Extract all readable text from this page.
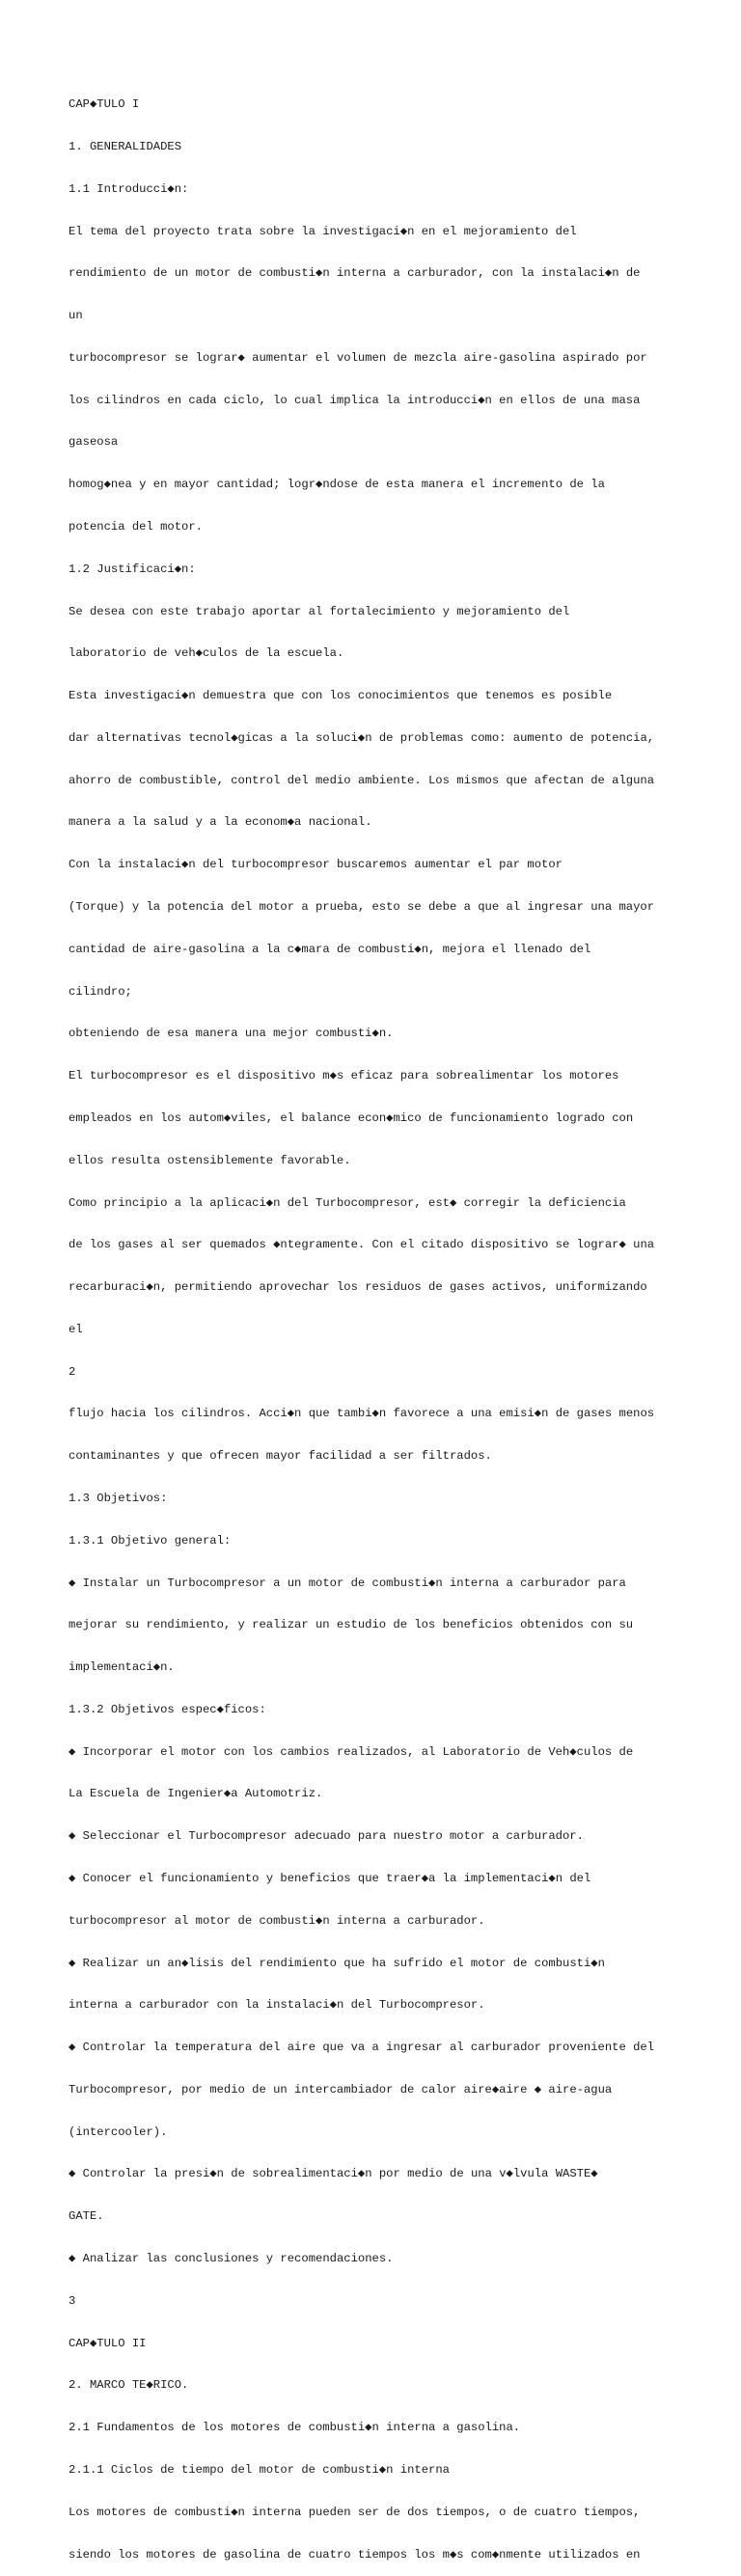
CAP◆TULO I

1. GENERALIDADES

1.1 Introducci◆n:

El tema del proyecto trata sobre la investigaci◆n en el mejoramiento del

rendimiento de un motor de combusti◆n interna a carburador, con la instalaci◆n de

un

turbocompresor se lograr◆ aumentar el volumen de mezcla aire-gasolina aspirado por

los cilindros en cada ciclo, lo cual implica la introducci◆n en ellos de una masa

gaseosa

homog◆nea y en mayor cantidad; logr◆ndose de esta manera el incremento de la

potencia del motor.

1.2 Justificaci◆n:

Se desea con este trabajo aportar al fortalecimiento y mejoramiento del

laboratorio de veh◆culos de la escuela.

Esta investigaci◆n demuestra que con los conocimientos que tenemos es posible

dar alternativas tecnol◆gicas a la soluci◆n de problemas como: aumento de potencia,

ahorro de combustible, control del medio ambiente. Los mismos que afectan de alguna

manera a la salud y a la econom◆a nacional.

Con la instalaci◆n del turbocompresor buscaremos aumentar el par motor

(Torque) y la potencia del motor a prueba, esto se debe a que al ingresar una mayor

cantidad de aire-gasolina a la c◆mara de combusti◆n, mejora el llenado del

cilindro;

obteniendo de esa manera una mejor combusti◆n.

El turbocompresor es el dispositivo m◆s eficaz para sobrealimentar los motores

empleados en los autom◆viles, el balance econ◆mico de funcionamiento logrado con

ellos resulta ostensiblemente favorable.

Como principio a la aplicaci◆n del Turbocompresor, est◆ corregir la deficiencia

de los gases al ser quemados ◆ntegramente. Con el citado dispositivo se lograr◆ una

recarburaci◆n, permitiendo aprovechar los residuos de gases activos, uniformizando

el

2

flujo hacia los cilindros. Acci◆n que tambi◆n favorece a una emisi◆n de gases menos

contaminantes y que ofrecen mayor facilidad a ser filtrados.

1.3 Objetivos:

1.3.1 Objetivo general:

◆ Instalar un Turbocompresor a un motor de combusti◆n interna a carburador para

mejorar su rendimiento, y realizar un estudio de los beneficios obtenidos con su

implementaci◆n.

1.3.2 Objetivos espec◆ficos:

◆ Incorporar el motor con los cambios realizados, al Laboratorio de Veh◆culos de

La Escuela de Ingenier◆a Automotriz.

◆ Seleccionar el Turbocompresor adecuado para nuestro motor a carburador.

◆ Conocer el funcionamiento y beneficios que traer◆a la implementaci◆n del

turbocompresor al motor de combusti◆n interna a carburador.

◆ Realizar un an◆lisis del rendimiento que ha sufrido el motor de combusti◆n

interna a carburador con la instalaci◆n del Turbocompresor.

◆ Controlar la temperatura del aire que va a ingresar al carburador proveniente del

Turbocompresor, por medio de un intercambiador de calor aire◆aire ◆ aire-agua

(intercooler).

◆ Controlar la presi◆n de sobrealimentaci◆n por medio de una v◆lvula WASTE◆

GATE.

◆ Analizar las conclusiones y recomendaciones.

3

CAP◆TULO II

2. MARCO TE◆RICO.

2.1 Fundamentos de los motores de combusti◆n interna a gasolina.

2.1.1 Ciclos de tiempo del motor de combusti◆n interna

Los motores de combusti◆n interna pueden ser de dos tiempos, o de cuatro tiempos,

siendo los motores de gasolina de cuatro tiempos los m◆s com◆nmente utilizados en
